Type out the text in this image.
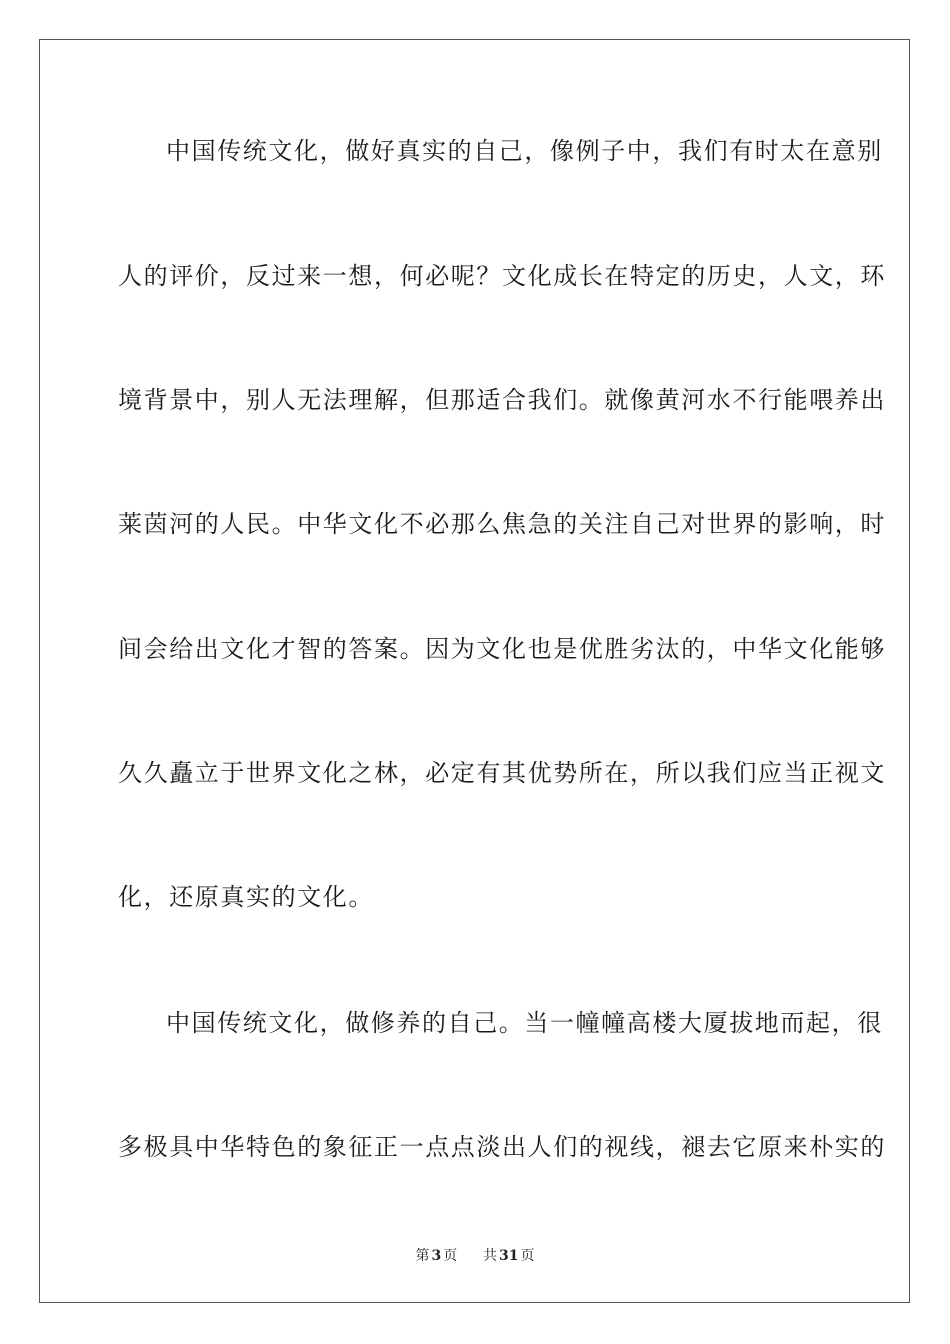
中国传统文化，做好真实的自己，像例子中，我们有时太在意别
人的评价，反过来一想，何必呢？文化成长在特定的历史，人文，环
境背景中，别人无法理解，但那适合我们。就像黄河水不行能喂养出
莱茵河的人民。中华文化不必那么焦急的关注自己对世界的影响，时
间会给出文化才智的答案。因为文化也是优胜劣汰的，中华文化能够
久久矗立于世界文化之林，必定有其优势所在，所以我们应当正视文
化，还原真实的文化。
中国传统文化，做修养的自己。当一幢幢高楼大厦拔地而起，很
多极具中华特色的象征正一点点淡出人们的视线，褪去它原来朴实的
第 3 页 共 31 页
